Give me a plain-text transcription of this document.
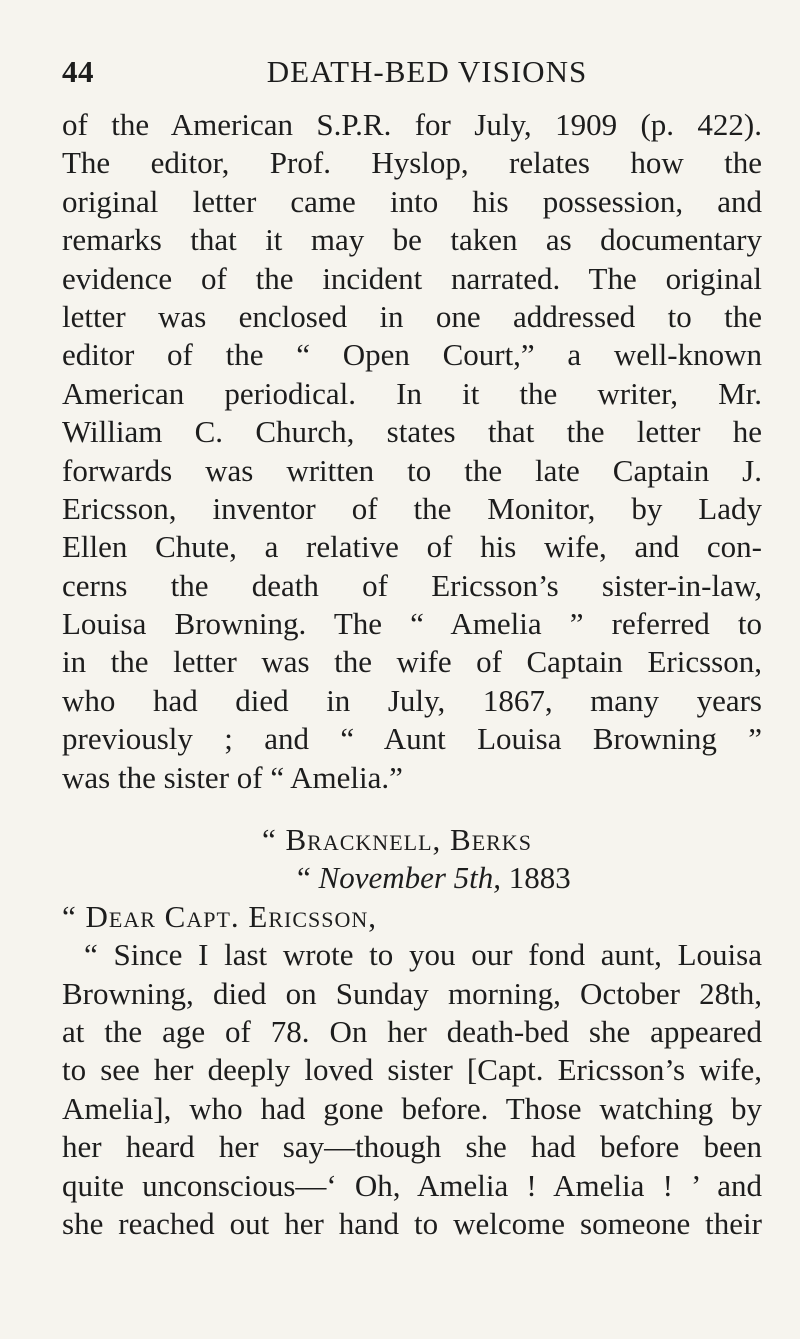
44	DEATH-BED VISIONS
of the American S.P.R. for July, 1909 (p. 422).
The editor, Prof. Hyslop, relates how the
original letter came into his possession, and
remarks that it may be taken as documentary
evidence of the incident narrated. The original
letter was enclosed in one addressed to the
editor of the “ Open Court,” a well-known
American periodical. In it the writer, Mr.
William C. Church, states that the letter he
forwards was written to the late Captain J.
Ericsson, inventor of the Monitor, by Lady
Ellen Chute, a relative of his wife, and con-
cerns the death of Ericsson’s sister-in-law,
Louisa Browning. The “ Amelia ” referred to
in the letter was the wife of Captain Ericsson,
who had died in July, 1867, many years
previously ; and “ Aunt Louisa Browning ”
was the sister of “ Amelia.”
“ Bracknell, Berks
“ November 5th, 1883
“ Dear Capt. Ericsson,
“ Since I last wrote to you our fond aunt, Louisa
Browning, died on Sunday morning, October 28th,
at the age of 78. On her death-bed she appeared
to see her deeply loved sister [Capt. Ericsson’s wife,
Amelia], who had gone before. Those watching by
her heard her say—though she had before been
quite unconscious—‘ Oh, Amelia ! Amelia ! ’ and
she reached out her hand to welcome someone their
